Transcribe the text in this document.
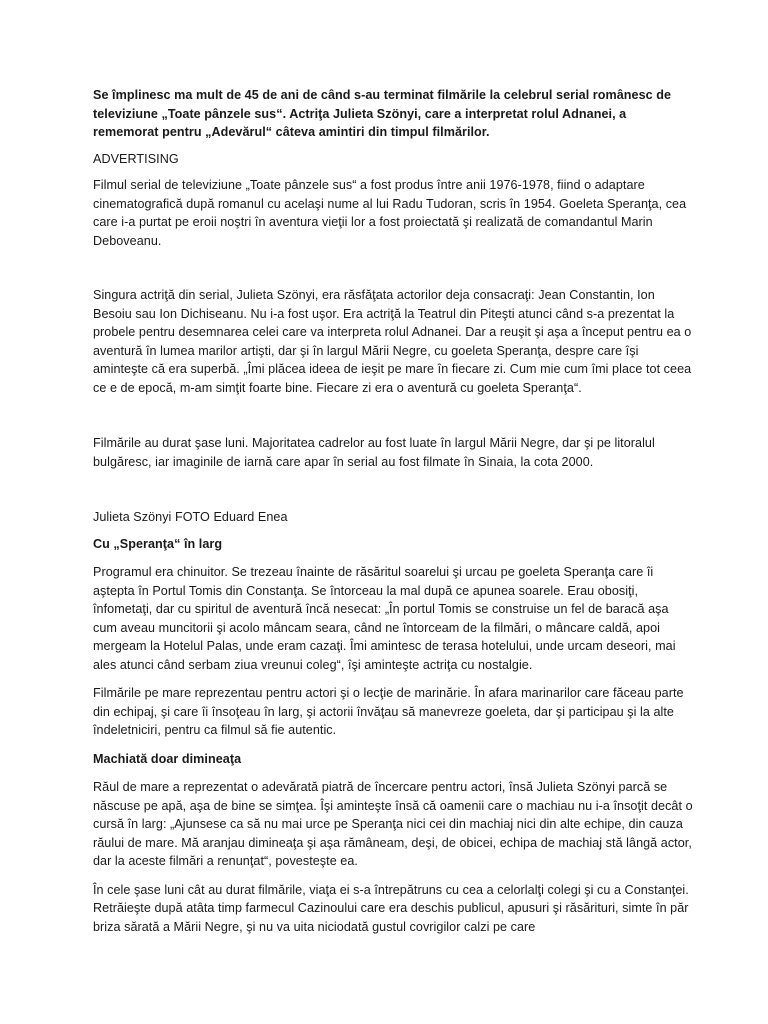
Se împlinesc ma mult de 45 de ani de când s-au terminat filmările la celebrul serial românesc de televiziune „Toate pânzele sus“. Actriţa Julieta Szönyi, care a interpretat rolul Adnanei, a rememorat pentru „Adevărul“ câteva amintiri din timpul filmărilor.

ADVERTISING

Filmul serial de televiziune „Toate pânzele sus“ a fost produs între anii 1976-1978, fiind o adaptare cinematografică după romanul cu acelaşi nume al lui Radu Tudoran, scris în 1954. Goeleta Speranţa, cea care i-a purtat pe eroii noştri în aventura vieţii lor a fost proiectată şi realizată de comandantul Marin Deboveanu.

Singura actriţă din serial, Julieta Szönyi, era răsfăţata actorilor deja consacraţi: Jean Constantin, Ion Besoiu sau Ion Dichiseanu. Nu i-a fost uşor. Era actriţă la Teatrul din Piteşti atunci când s-a prezentat la probele pentru desemnarea celei care va interpreta rolul Adnanei. Dar a reuşit şi aşa a început pentru ea o aventură în lumea marilor artişti, dar şi în largul Mării Negre, cu goeleta Speranţa, despre care îşi aminteşte că era superbă. „Îmi plăcea ideea de ieşit pe mare în fiecare zi. Cum mie cum îmi place tot ceea ce e de epocă, m-am simţit foarte bine. Fiecare zi era o aventură cu goeleta Speranţa“.

Filmările au durat şase luni. Majoritatea cadrelor au fost luate în largul Mării Negre, dar şi pe litoralul bulgăresc, iar imaginile de iarnă care apar în serial au fost filmate în Sinaia, la cota 2000.

Julieta Szönyi FOTO Eduard Enea

Cu „Speranţa“ în larg

Programul era chinuitor. Se trezeau înainte de răsăritul soarelui şi urcau pe goeleta Speranţa care îi aştepta în Portul Tomis din Constanţa. Se întorceau la mal după ce apunea soarele. Erau obosiţi, înfometaţi, dar cu spiritul de aventură încă nesecat: „În portul Tomis se construise un fel de baracă aşa cum aveau muncitorii şi acolo mâncam seara, când ne întorceam de la filmări, o mâncare caldă, apoi mergeam la Hotelul Palas, unde eram cazaţi. Îmi amintesc de terasa hotelului, unde urcam deseori, mai ales atunci când serbam ziua vreunui coleg“, îşi aminteşte actriţa cu nostalgie.

Filmările pe mare reprezentau pentru actori şi o lecţie de marinărie. În afara marinarilor care făceau parte din echipaj, şi care îi însoţeau în larg, şi actorii învăţau să manevreze goeleta, dar şi participau şi la alte îndeletniciri, pentru ca filmul să fie autentic.

Machiată doar dimineaţa

Răul de mare a reprezentat o adevărată piatră de încercare pentru actori, însă Julieta Szönyi parcă se născuse pe apă, aşa de bine se simţea. Îşi aminteşte însă că oamenii care o machiau nu i-a însoţit decât o cursă în larg: „Ajunsese ca să nu mai urce pe Speranţa nici cei din machiaj nici din alte echipe, din cauza răului de mare. Mă aranjau dimineaţa şi aşa rămâneam, deşi, de obicei, echipa de machiaj stă lângă actor, dar la aceste filmări a renunţat“, povesteşte ea.

În cele şase luni cât au durat filmările, viaţa ei s-a întrepătruns cu cea a celorlalţi colegi şi cu a Constanţei. Retrăieşte după atâta timp farmecul Cazinoului care era deschis publicul, apusuri şi răsărituri, simte în păr briza sărată a Mării Negre, şi nu va uita niciodată gustul covrigilor calzi pe care
